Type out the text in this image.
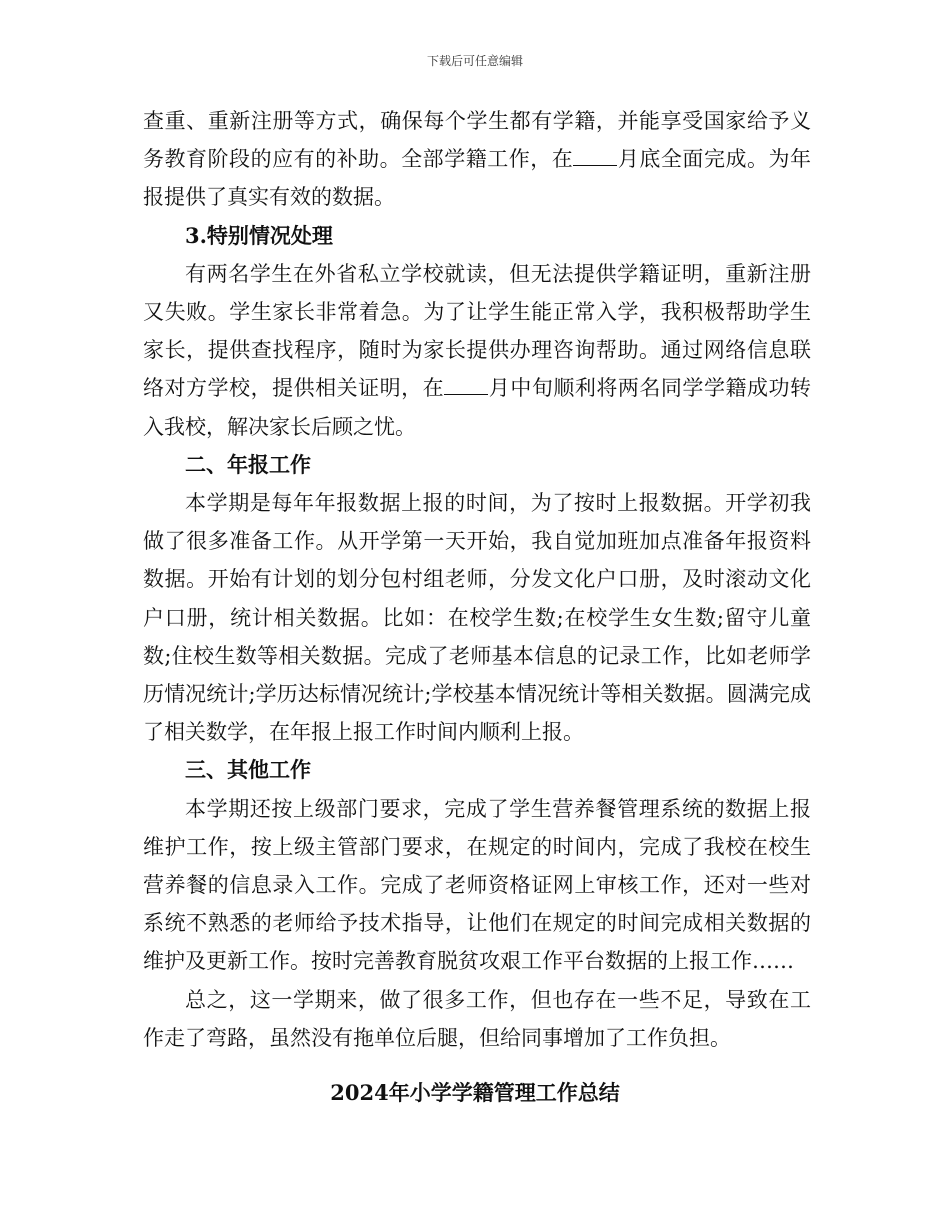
下载后可任意编辑

查重、重新注册等方式，确保每个学生都有学籍，并能享受国家给予义务教育阶段的应有的补助。全部学籍工作，在 月底全面完成。为年报提供了真实有效的数据。

3.特别情况处理

有两名学生在外省私立学校就读，但无法提供学籍证明，重新注册又失败。学生家长非常着急。为了让学生能正常入学，我积极帮助学生家长，提供查找程序，随时为家长提供办理咨询帮助。通过网络信息联络对方学校，提供相关证明，在 月中旬顺利将两名同学学籍成功转入我校，解决家长后顾之忧。

二、年报工作

本学期是每年年报数据上报的时间，为了按时上报数据。开学初我做了很多准备工作。从开学第一天开始，我自觉加班加点准备年报资料数据。开始有计划的划分包村组老师，分发文化户口册，及时滚动文化户口册，统计相关数据。比如：在校学生数;在校学生女生数;留守儿童数;住校生数等相关数据。完成了老师基本信息的记录工作，比如老师学历情况统计;学历达标情况统计;学校基本情况统计等相关数据。圆满完成了相关数学，在年报上报工作时间内顺利上报。

三、其他工作

本学期还按上级部门要求，完成了学生营养餐管理系统的数据上报维护工作，按上级主管部门要求，在规定的时间内，完成了我校在校生营养餐的信息录入工作。完成了老师资格证网上审核工作，还对一些对系统不熟悉的老师给予技术指导，让他们在规定的时间完成相关数据的维护及更新工作。按时完善教育脱贫攻艰工作平台数据的上报工作……

总之，这一学期来，做了很多工作，但也存在一些不足，导致在工作走了弯路，虽然没有拖单位后腿，但给同事增加了工作负担。

2024年小学学籍管理工作总结
